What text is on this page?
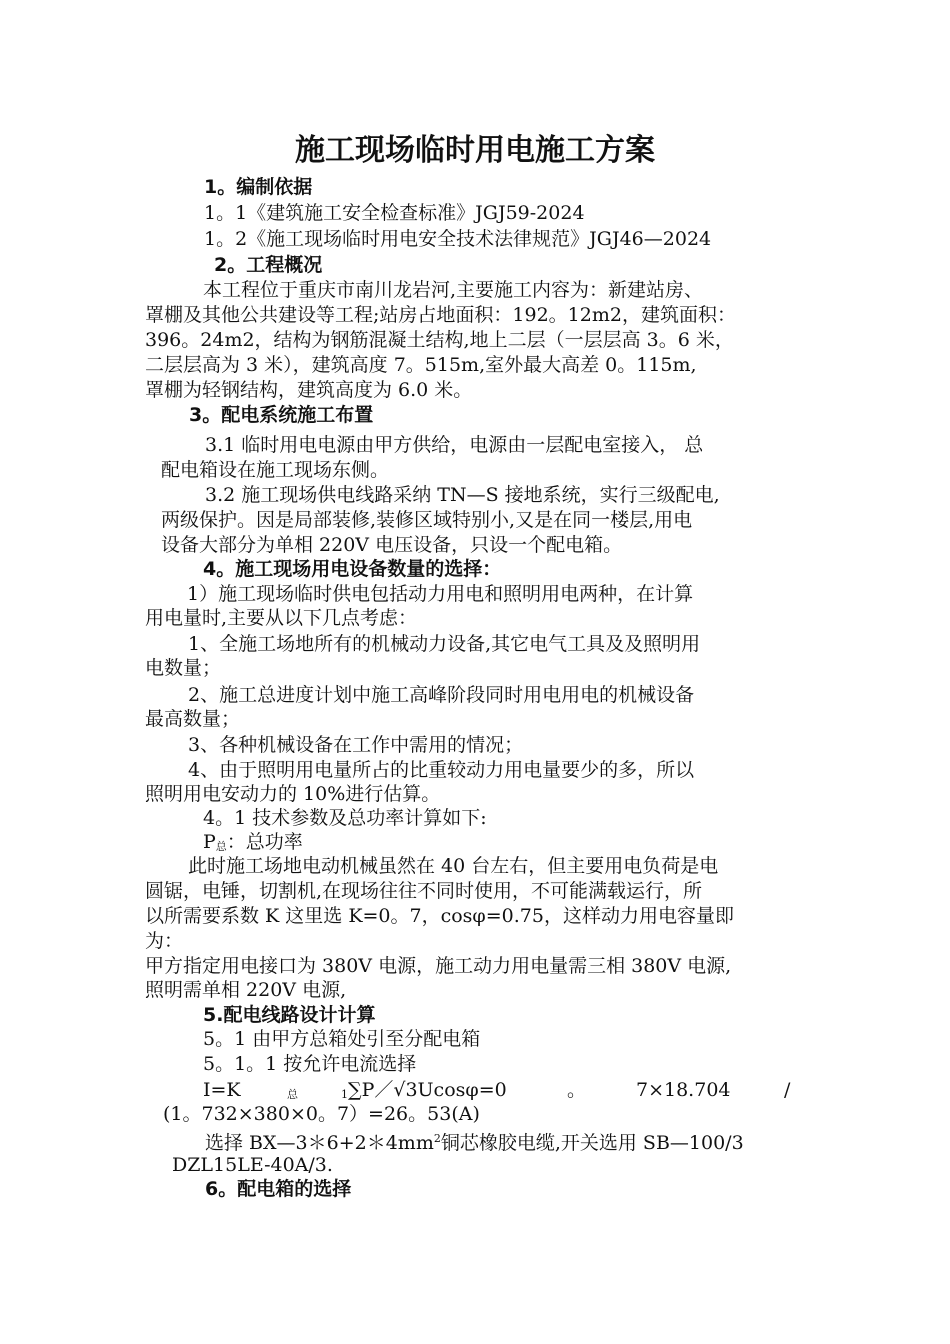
施工现场临时用电施工方案
1。编制依据
1。1《建筑施工安全检查标准》JGJ59-2024
1。2《施工现场临时用电安全技术法律规范》JGJ46—2024
2。工程概况
本工程位于重庆市南川龙岩河,主要施工内容为：新建站房、
罩棚及其他公共建设等工程;站房占地面积：192。12m2，建筑面积：
396。24m2，结构为钢筋混凝土结构,地上二层（一层层高 3。6 米，
二层层高为 3 米），建筑高度 7。515m,室外最大高差 0。115m,
罩棚为轻钢结构，建筑高度为 6.0 米。
3。配电系统施工布置
3.1 临时用电电源由甲方供给，电源由一层配电室接入， 总
配电箱设在施工现场东侧。
3.2 施工现场供电线路采纳 TN—S 接地系统，实行三级配电,
两级保护。因是局部装修,装修区域特别小,又是在同一楼层,用电
设备大部分为单相 220V 电压设备，只设一个配电箱。
4。施工现场用电设备数量的选择：
1）施工现场临时供电包括动力用电和照明用电两种，在计算
用电量时,主要从以下几点考虑：
1、全施工场地所有的机械动力设备,其它电气工具及及照明用
电数量；
2、施工总进度计划中施工高峰阶段同时用电用电的机械设备
最高数量；
3、各种机械设备在工作中需用的情况；
4、由于照明用电量所占的比重较动力用电量要少的多，所以
照明用电安动力的 10%进行估算。
4。1 技术参数及总功率计算如下:
P总：总功率
此时施工场地电动机械虽然在 40 台左右，但主要用电负荷是电
圆锯，电锤，切割机,在现场往往不同时使用，不可能满载运行，所
以所需要系数 K 这里选 K=0。7，cosφ=0.75，这样动力用电容量即
为：
甲方指定用电接口为 380V 电源，施工动力用电量需三相 380V 电源,
照明需单相 220V 电源,
5.配电线路设计计算
5。1 由甲方总箱处引至分配电箱
5。1。1 按允许电流选择
I=K	总	1 ∑P／√3Ucosφ=0	。	7×18.704	/
(1。732×380×0。7）=26。53(A)
选择 $BX—3*6+2*4mm^2$铜芯橡胶电缆,开关选用 SB—100/3
DZL15LE-40A/3.
6。配电箱的选择
